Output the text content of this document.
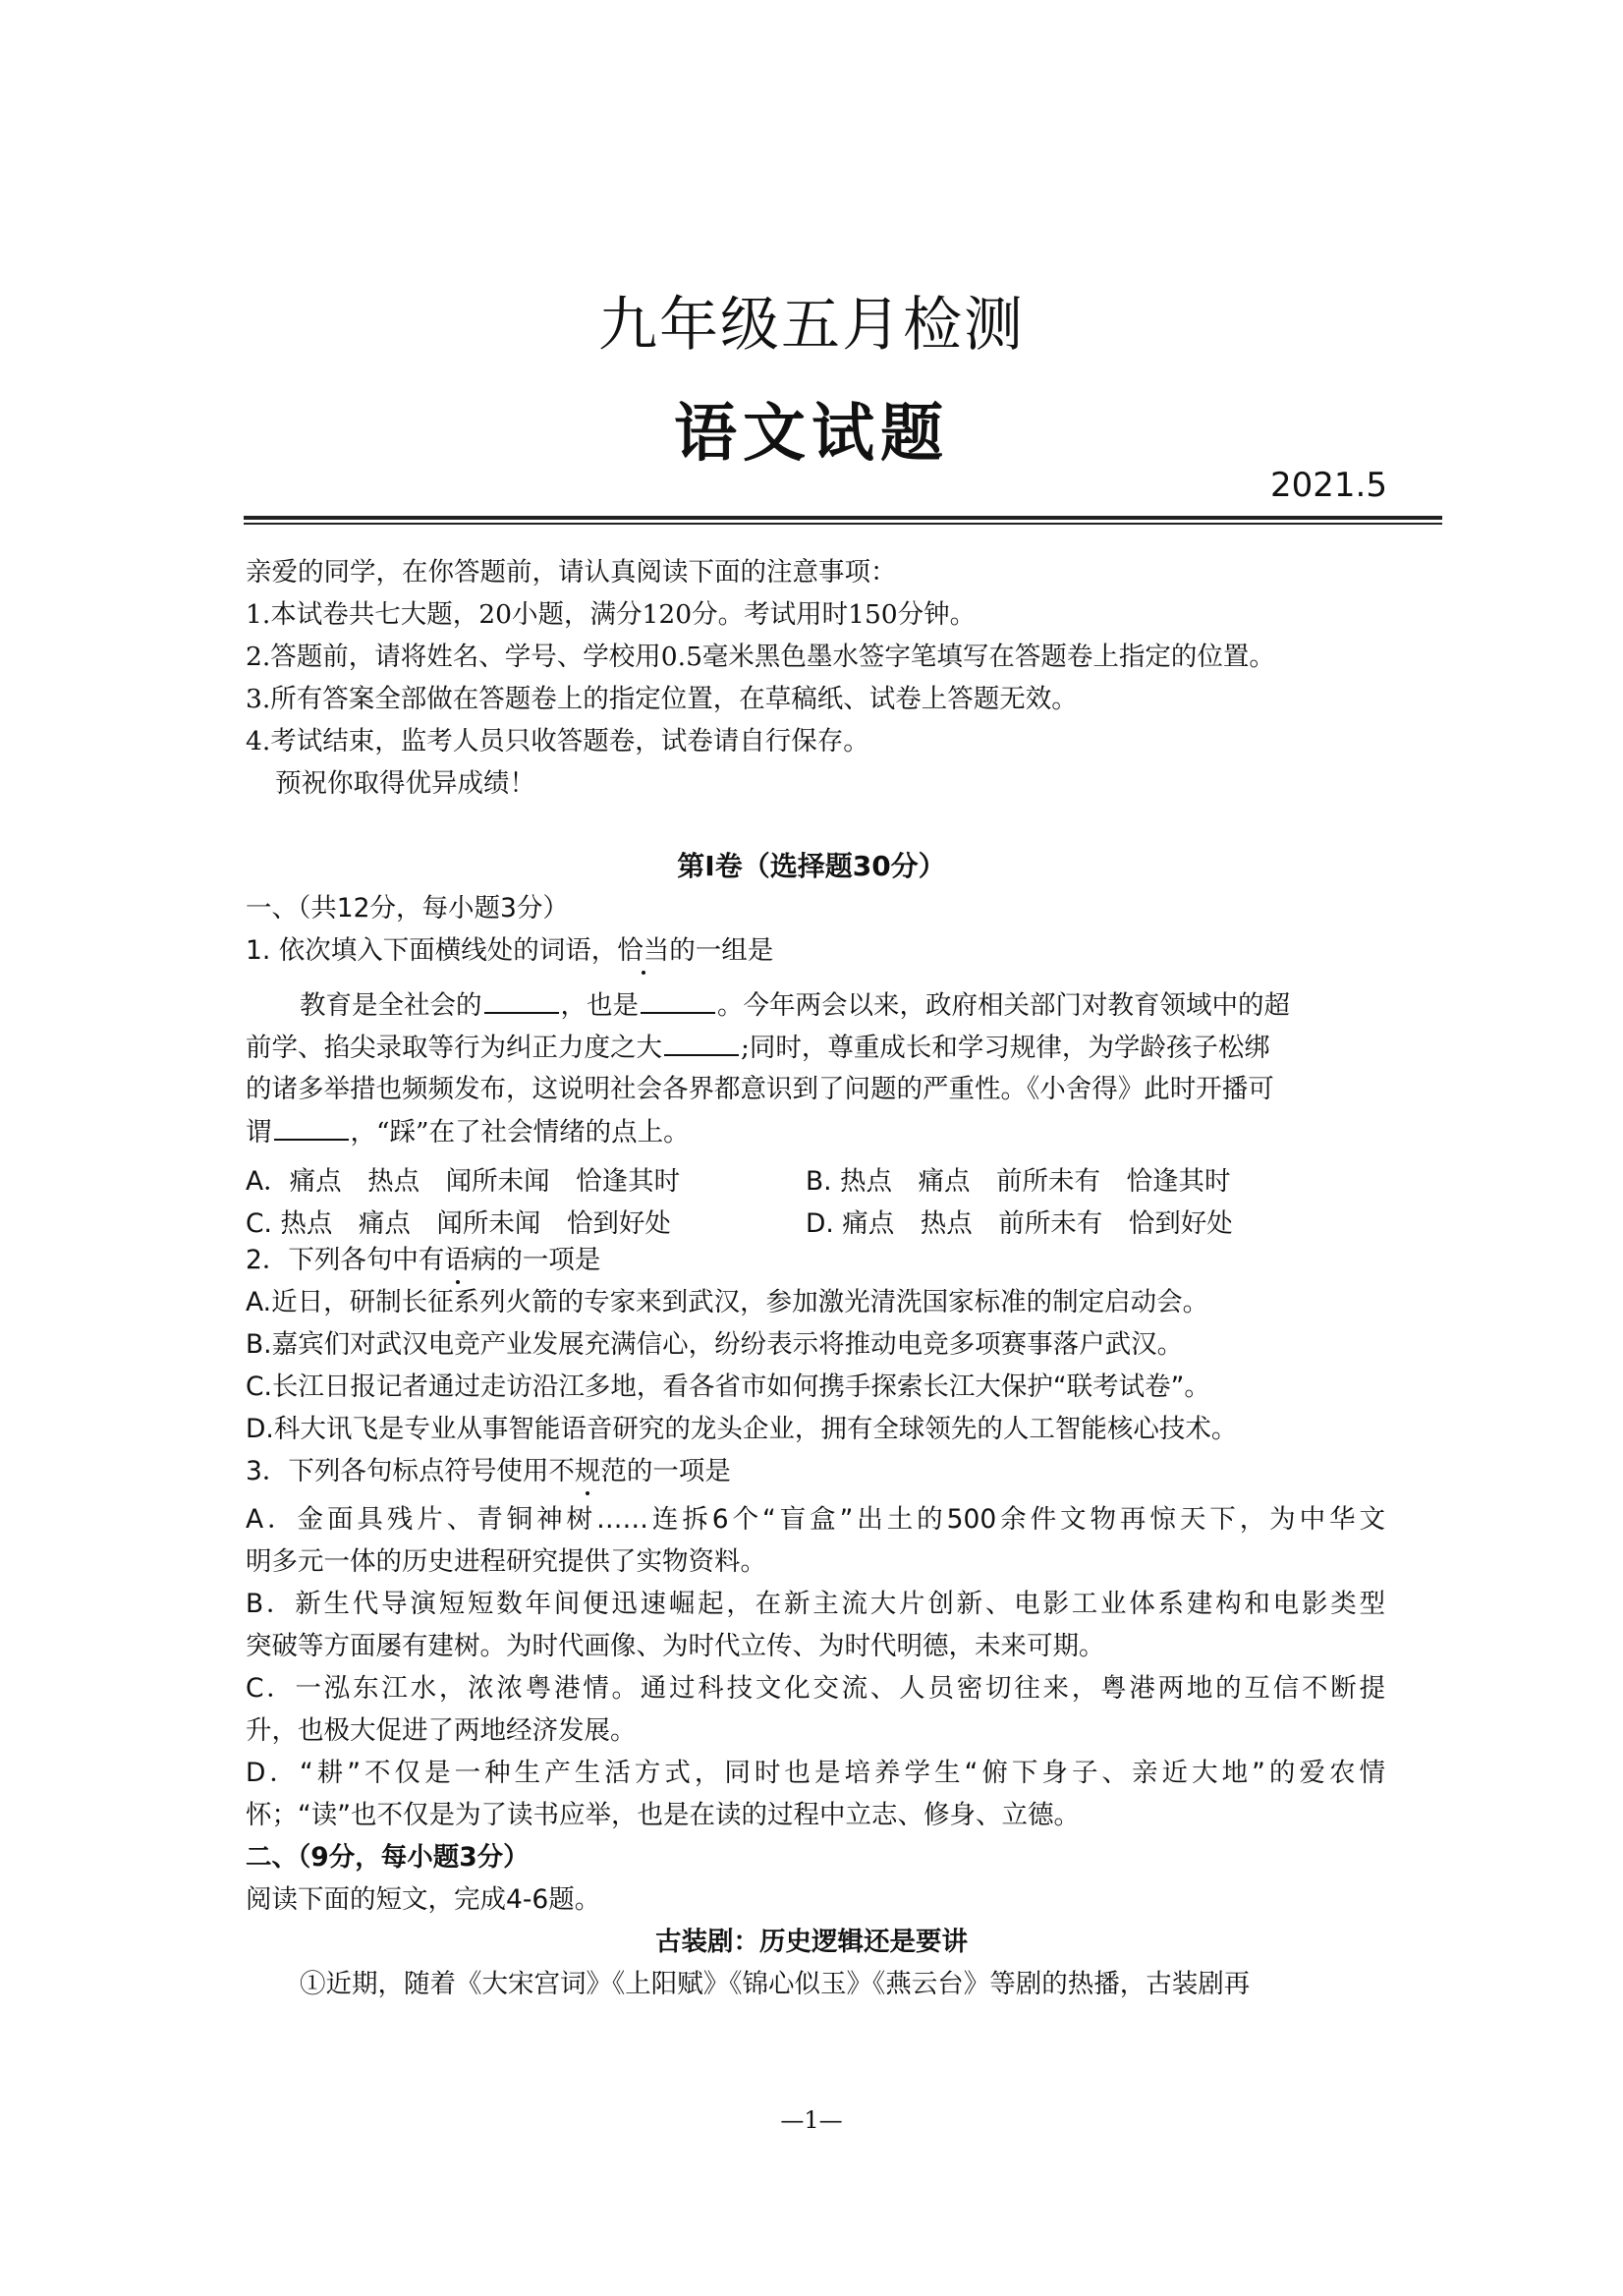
九年级五月检测
语文试题
2021.5
亲爱的同学，在你答题前，请认真阅读下面的注意事项：
1.本试卷共七大题，20小题，满分120分。考试用时150分钟。
2.答题前，请将姓名、学号、学校用0.5毫米黑色墨水签字笔填写在答题卷上指定的位置。
3.所有答案全部做在答题卷上的指定位置，在草稿纸、试卷上答题无效。
4.考试结束，监考人员只收答题卷，试卷请自行保存。
预祝你取得优异成绩！
第Ⅰ卷（选择题30分）
一、（共12分，每小题3分）
1. 依次填入下面横线处的词语，恰当的一组是
教育是全社会的	，也是	。今年两会以来，政府相关部门对教育领域中的超
前学、掐尖录取等行为纠正力度之大	;同时，尊重成长和学习规律，为学龄孩子松绑
的诸多举措也频频发布，这说明社会各界都意识到了问题的严重性。《小舍得》此时开播可
谓	，“踩”在了社会情绪的点上。
A．痛点　热点　闻所未闻　恰逢其时	B. 热点　痛点　前所未有　恰逢其时
C. 热点　痛点　闻所未闻　恰到好处	D. 痛点　热点　前所未有　恰到好处
2．下列各句中有语病的一项是
A.近日，研制长征系列火箭的专家来到武汉，参加激光清洗国家标准的制定启动会。
B.嘉宾们对武汉电竞产业发展充满信心，纷纷表示将推动电竞多项赛事落户武汉。
C.长江日报记者通过走访沿江多地，看各省市如何携手探索长江大保护“联考试卷”。
D.科大讯飞是专业从事智能语音研究的龙头企业，拥有全球领先的人工智能核心技术。
3．下列各句标点符号使用不规范的一项是
A．金面具残片、青铜神树……连拆6个“盲盒”出土的500余件文物再惊天下，为中华文
明多元一体的历史进程研究提供了实物资料。
B．新生代导演短短数年间便迅速崛起，在新主流大片创新、电影工业体系建构和电影类型
突破等方面屡有建树。为时代画像、为时代立传、为时代明德，未来可期。
C．一泓东江水，浓浓粤港情。通过科技文化交流、人员密切往来，粤港两地的互信不断提
升，也极大促进了两地经济发展。
D．“耕”不仅是一种生产生活方式，同时也是培养学生“俯下身子、亲近大地”的爱农情
怀；“读”也不仅是为了读书应举，也是在读的过程中立志、修身、立德。
二、（9分，每小题3分）
阅读下面的短文，完成4-6题。
古装剧：历史逻辑还是要讲
①近期，随着《大宋宫词》《上阳赋》《锦心似玉》《燕云台》等剧的热播，古装剧再
—1—
